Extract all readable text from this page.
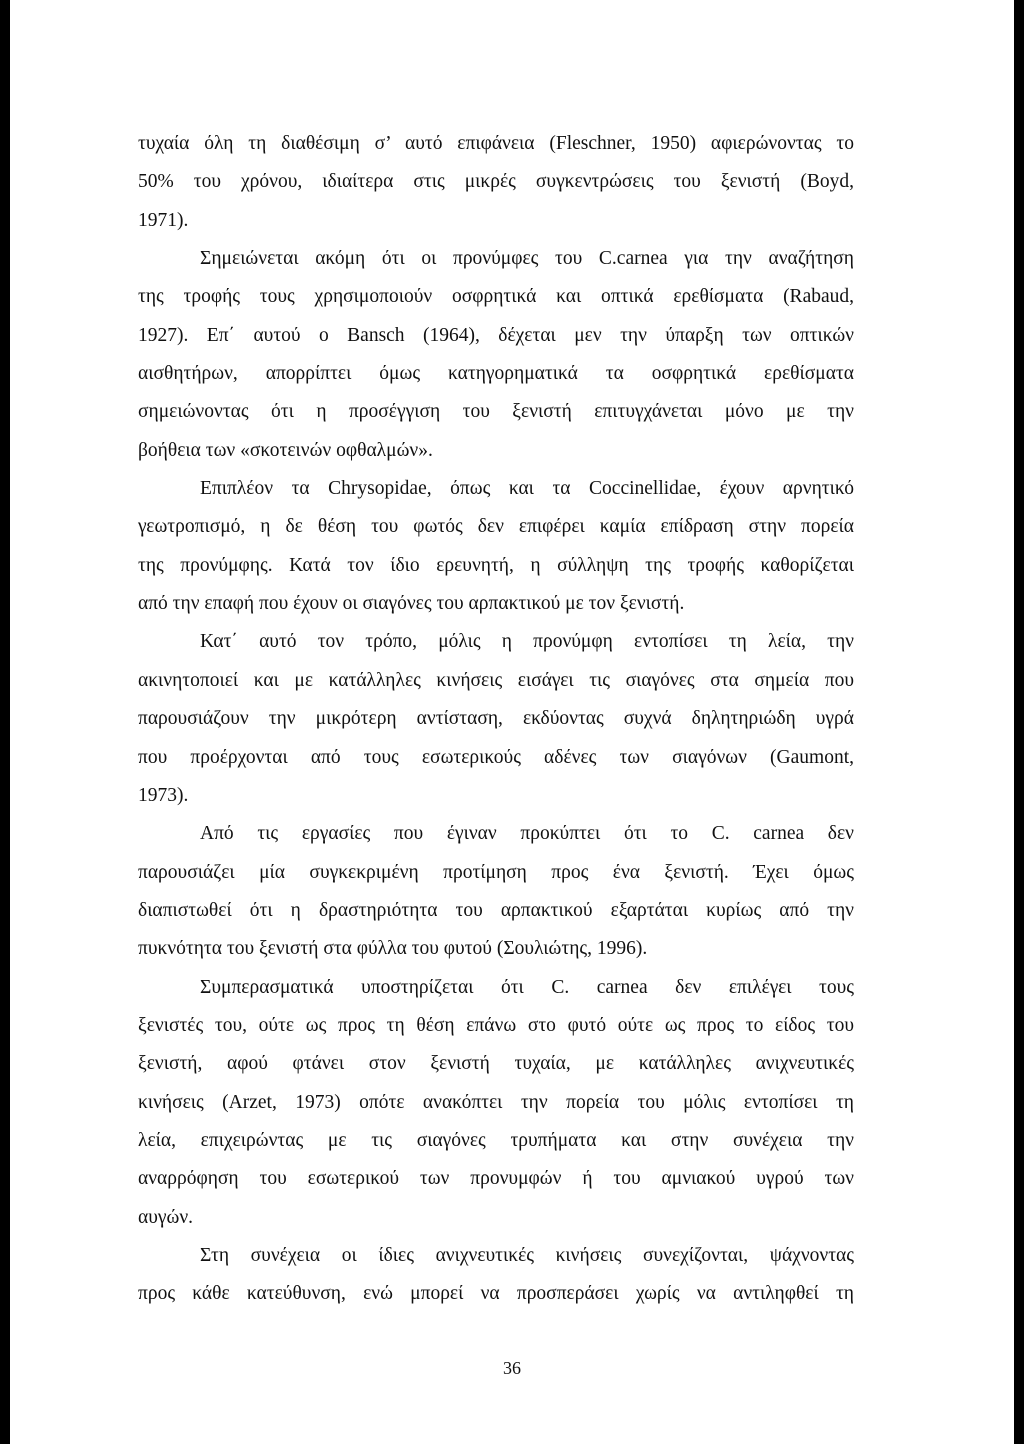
τυχαία όλη τη διαθέσιμη σ’ αυτό επιφάνεια (Fleschner, 1950) αφιερώνοντας το
50% του χρόνου, ιδιαίτερα στις μικρές συγκεντρώσεις του ξενιστή (Boyd,
1971).
Σημειώνεται ακόμη ότι οι προνύμφες του C.carnea για την αναζήτηση
της τροφής τους χρησιμοποιούν οσφρητικά και οπτικά ερεθίσματα (Rabaud,
1927). Επ΄ αυτού ο Bansch (1964), δέχεται μεν την ύπαρξη των οπτικών
αισθητήρων, απορρίπτει όμως κατηγορηματικά τα οσφρητικά ερεθίσματα
σημειώνοντας ότι η προσέγγιση του ξενιστή επιτυγχάνεται μόνο με την
βοήθεια των «σκοτεινών οφθαλμών».
Επιπλέον τα Chrysopidae, όπως και τα Coccinellidae, έχουν αρνητικό
γεωτροπισμό, η δε θέση του φωτός δεν επιφέρει καμία επίδραση στην πορεία
της προνύμφης. Κατά τον ίδιο ερευνητή, η σύλληψη της τροφής καθορίζεται
από την επαφή που έχουν οι σιαγόνες του αρπακτικού με τον ξενιστή.
Κατ΄ αυτό τον τρόπο, μόλις η προνύμφη εντοπίσει τη λεία, την
ακινητοποιεί και με κατάλληλες κινήσεις εισάγει τις σιαγόνες στα σημεία που
παρουσιάζουν την μικρότερη αντίσταση, εκδύοντας συχνά δηλητηριώδη υγρά
που προέρχονται από τους εσωτερικούς αδένες των σιαγόνων (Gaumont,
1973).
Από τις εργασίες που έγιναν προκύπτει ότι το C. carnea δεν
παρουσιάζει μία συγκεκριμένη προτίμηση προς ένα ξενιστή. Έχει όμως
διαπιστωθεί ότι η δραστηριότητα του αρπακτικού εξαρτάται κυρίως από την
πυκνότητα του ξενιστή στα φύλλα του φυτού (Σουλιώτης, 1996).
Συμπερασματικά υποστηρίζεται ότι C. carnea δεν επιλέγει τους
ξενιστές του, ούτε ως προς τη θέση επάνω στο φυτό ούτε ως προς το είδος του
ξενιστή, αφού φτάνει στον ξενιστή τυχαία, με κατάλληλες ανιχνευτικές
κινήσεις (Arzet, 1973) οπότε ανακόπτει την πορεία του μόλις εντοπίσει τη
λεία, επιχειρώντας με τις σιαγόνες τρυπήματα και στην συνέχεια την
αναρρόφηση του εσωτερικού των προνυμφών ή του αμνιακού υγρού των
αυγών.
Στη συνέχεια οι ίδιες ανιχνευτικές κινήσεις συνεχίζονται, ψάχνοντας
προς κάθε κατεύθυνση, ενώ μπορεί να προσπεράσει χωρίς να αντιληφθεί τη
36
